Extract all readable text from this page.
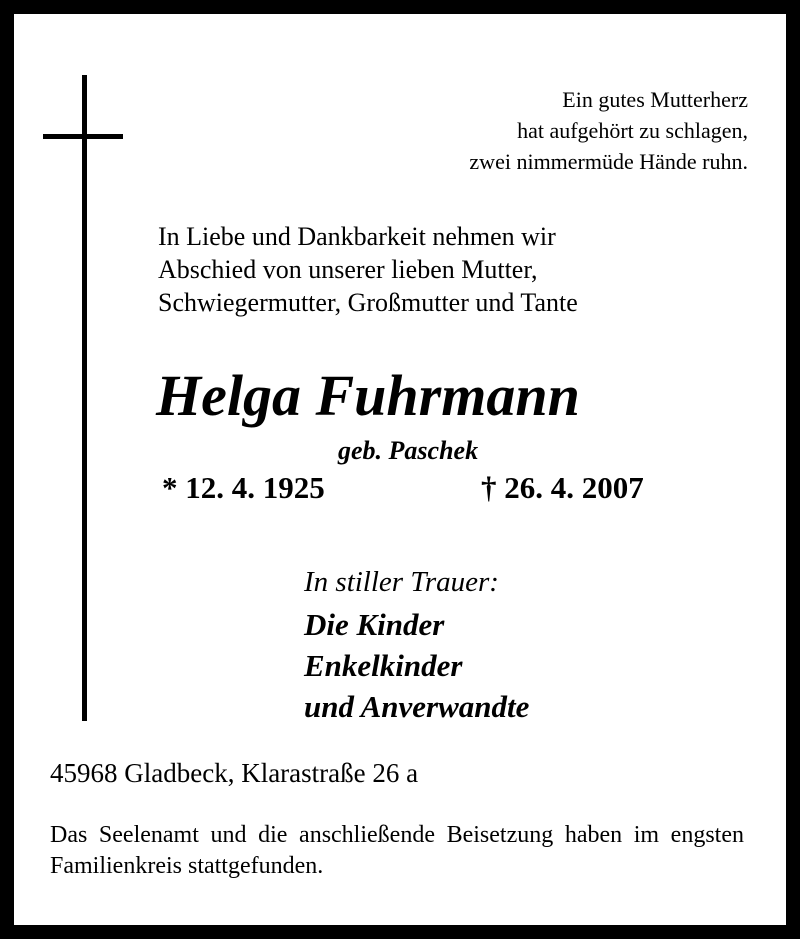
Ein gutes Mutterherz
hat aufgehört zu schlagen,
zwei nimmermüde Hände ruhn.
In Liebe und Dankbarkeit nehmen wir
Abschied von unserer lieben Mutter,
Schwiegermutter, Großmutter und Tante
Helga Fuhrmann
geb. Paschek
* 12. 4. 1925	† 26. 4. 2007
In stiller Trauer:
Die Kinder
Enkelkinder
und Anverwandte
45968 Gladbeck, Klarastraße 26 a
Das Seelenamt und die anschließende Beisetzung haben im engsten Familienkreis stattgefunden.
